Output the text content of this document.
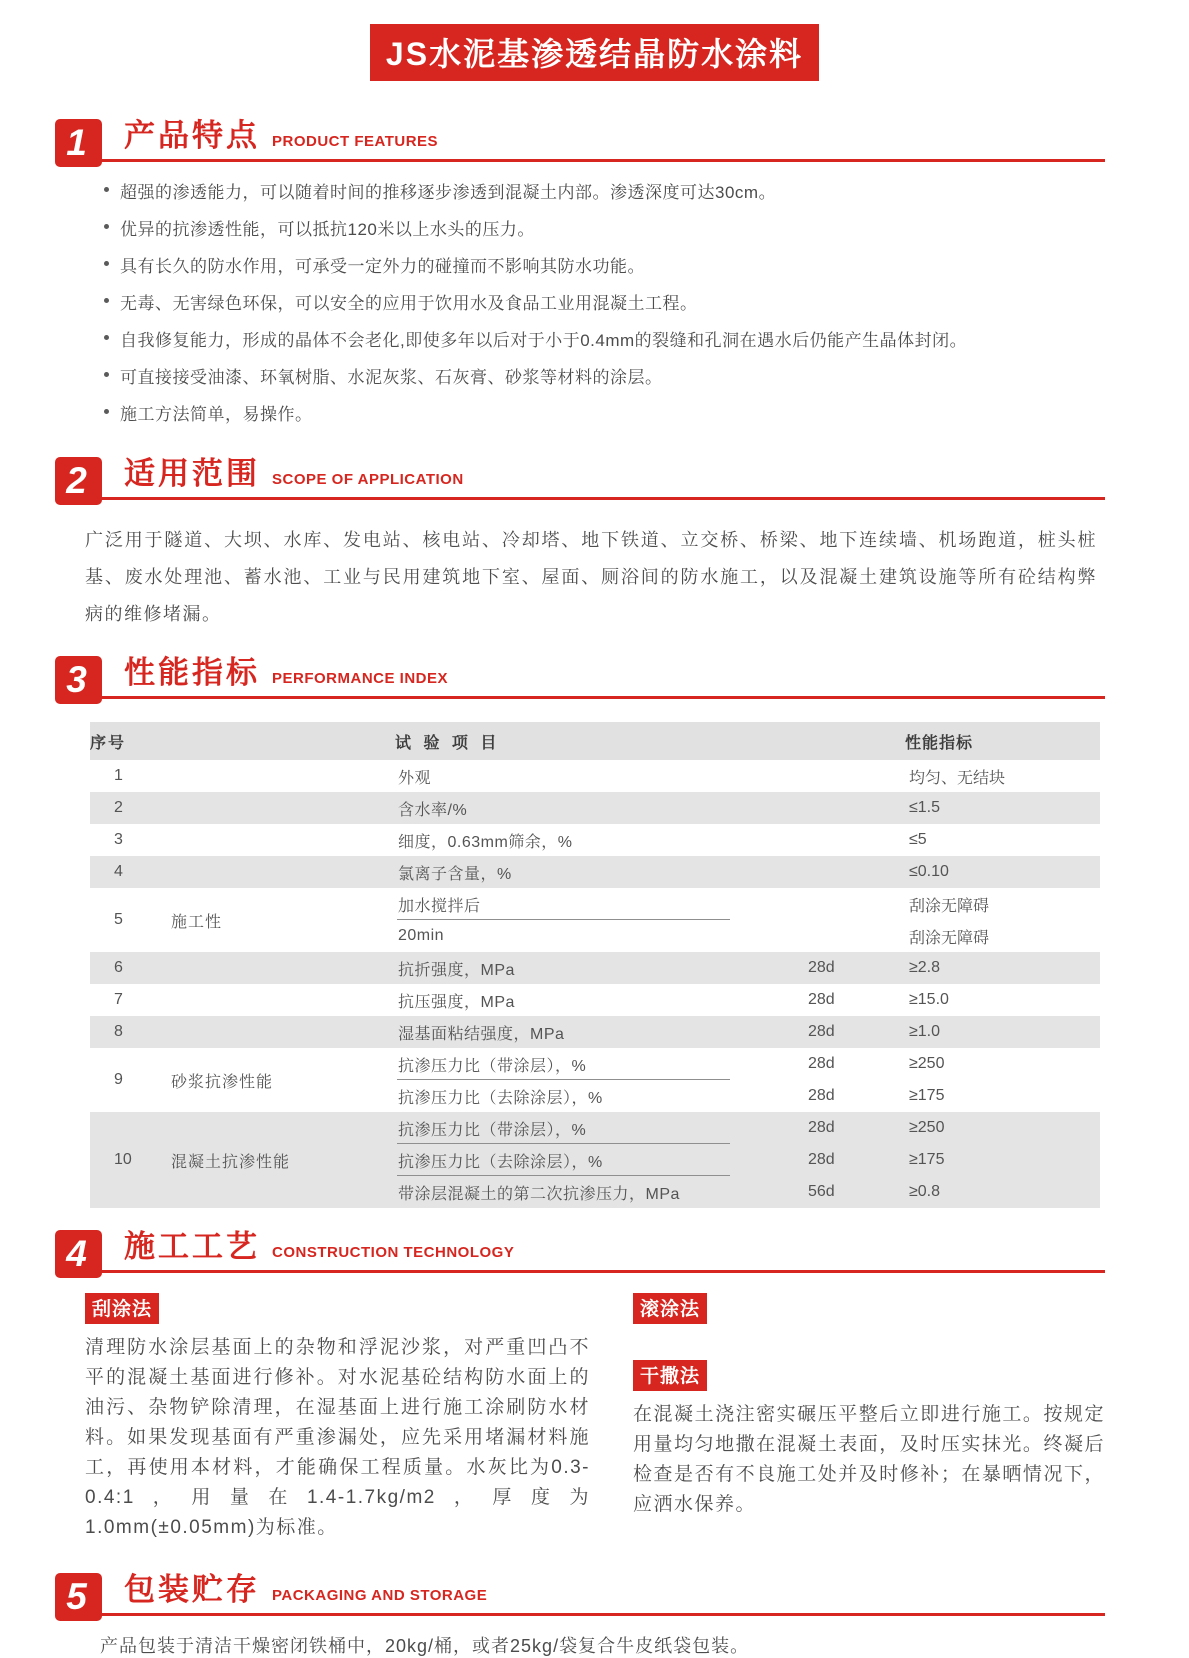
JS水泥基渗透结晶防水涂料
1	产品特点 PRODUCT FEATURES
超强的渗透能力，可以随着时间的推移逐步渗透到混凝土内部。渗透深度可达30cm。
优异的抗渗透性能，可以抵抗120米以上水头的压力。
具有长久的防水作用，可承受一定外力的碰撞而不影响其防水功能。
无毒、无害绿色环保，可以安全的应用于饮用水及食品工业用混凝土工程。
自我修复能力，形成的晶体不会老化,即使多年以后对于小于0.4mm的裂缝和孔洞在遇水后仍能产生晶体封闭。
可直接接受油漆、环氧树脂、水泥灰浆、石灰膏、砂浆等材料的涂层。
施工方法简单，易操作。
2	适用范围 SCOPE OF APPLICATION
广泛用于隧道、大坝、水库、发电站、核电站、冷却塔、地下铁道、立交桥、桥梁、地下连续墙、机场跑道，桩头桩基、废水处理池、蓄水池、工业与民用建筑地下室、屋面、厕浴间的防水施工，以及混凝土建筑设施等所有砼结构弊病的维修堵漏。
3	性能指标 PERFORMANCE INDEX
序号	试 验 项 目	性能指标
1	外观	均匀、无结块
2	含水率/%	≤1.5
3	细度，0.63mm筛余，%	≤5
4	氯离子含量，%	≤0.10
5	施工性
加水搅拌后	刮涂无障碍
20min	刮涂无障碍
6	抗折强度，MPa	28d	≥2.8
7	抗压强度，MPa	28d	≥15.0
8	湿基面粘结强度，MPa	28d	≥1.0
9	砂浆抗渗性能
抗渗压力比（带涂层），%	28d	≥250
抗渗压力比（去除涂层），%	28d	≥175
10	混凝土抗渗性能
抗渗压力比（带涂层），%	28d	≥250
抗渗压力比（去除涂层），%	28d	≥175
带涂层混凝土的第二次抗渗压力，MPa	56d	≥0.8
4	施工工艺 CONSTRUCTION TECHNOLOGY
刮涂法
清理防水涂层基面上的杂物和浮泥沙浆，对严重凹凸不平的混凝土基面进行修补。对水泥基砼结构防水面上的油污、杂物铲除清理，在湿基面上进行施工涂刷防水材料。如果发现基面有严重渗漏处，应先采用堵漏材料施工，再使用本材料，才能确保工程质量。水灰比为0.3-0.4:1，用量在1.4-1.7kg/m2，厚度为1.0mm(±0.05mm)为标准。
滚涂法
干撒法
在混凝土浇注密实碾压平整后立即进行施工。按规定用量均匀地撒在混凝土表面，及时压实抹光。终凝后检查是否有不良施工处并及时修补；在暴晒情况下，应洒水保养。
5	包装贮存 PACKAGING AND STORAGE
产品包装于清洁干燥密闭铁桶中，20kg/桶，或者25kg/袋复合牛皮纸袋包装。
